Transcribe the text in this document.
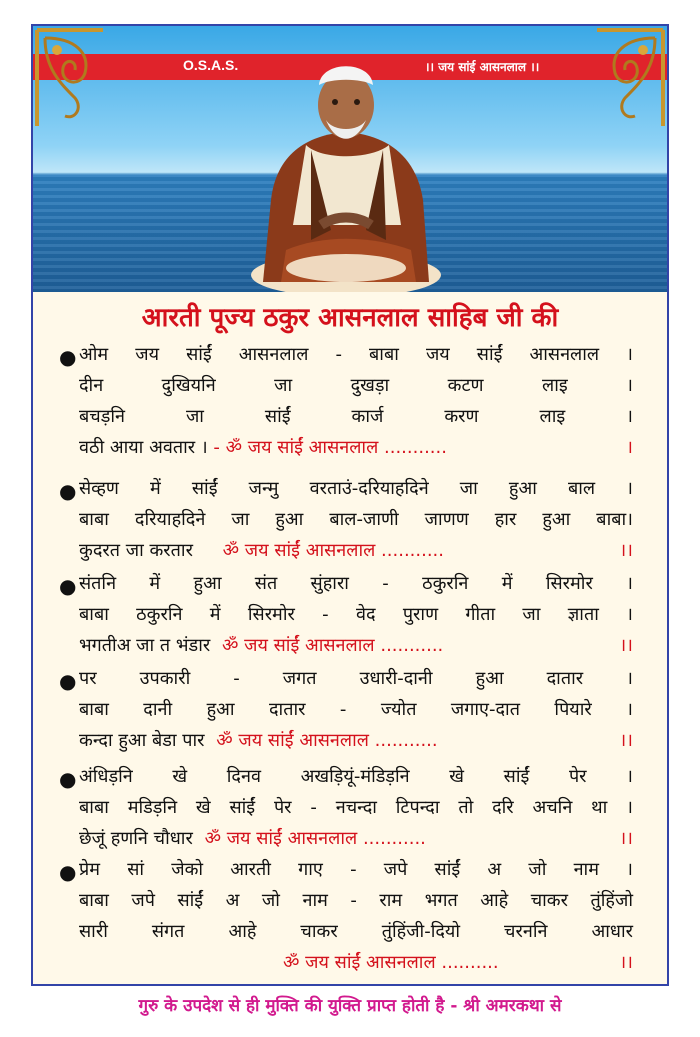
O.S.A.S.	।। जय सांई आसनलाल ।।
आरती पूज्य ठकुर आसनलाल साहिब जी की
● ओम जय सांईं आसनलाल - बाबा जय सांईं आसनलाल ।
दीन दुखियनि जा दुखड़ा कटण लाइ ।
बचड़नि जा सांईं कार्ज करण लाइ ।
वठी आया अवतार । - ॐ जय सांईं आसनलाल ...........	।
● सेव्हण में सांईं जन्मु वरताउं-दरियाहदिने जा हुआ बाल ।
बाबा दरियाहदिने जा हुआ बाल-जाणी जाणण हार हुआ बाबा।
कुदरत जा करतार ॐ जय सांईं आसनलाल ...........	।।
● संतनि में हुआ संत सुंहारा - ठकुरनि में सिरमोर ।
बाबा ठकुरनि में सिरमोर - वेद पुराण गीता जा ज्ञाता ।
भगतीअ जा त भंडार ॐ जय सांईं आसनलाल ...........	।।
● पर उपकारी - जगत उधारी-दानी हुआ दातार ।
बाबा दानी हुआ दातार - ज्योत जगाए-दात पियारे ।
कन्दा हुआ बेडा पार ॐ जय सांईं आसनलाल ...........	।।
● अंधिड़नि खे दिनव अखड़ियूं-मंडिड़नि खे सांईं पेर ।
बाबा मडिड़नि खे सांईं पेर - नचन्दा टिपन्दा तो दरि अचनि था ।
छेजूं हणनि चौधार ॐ जय सांईं आसनलाल ...........	।।
● प्रेम सां जेको आरती गाए - जपे सांईं अ जो नाम ।
बाबा जपे सांईं अ जो नाम - राम भगत आहे चाकर तुंहिंजो
सारी संगत आहे चाकर तुंहिंजी-दियो चरननि आधार
ॐ जय सांईं आसनलाल ..........	।।
गुरु के उपदेश से ही मुक्ति की युक्ति प्राप्त होती है - श्री अमरकथा से
